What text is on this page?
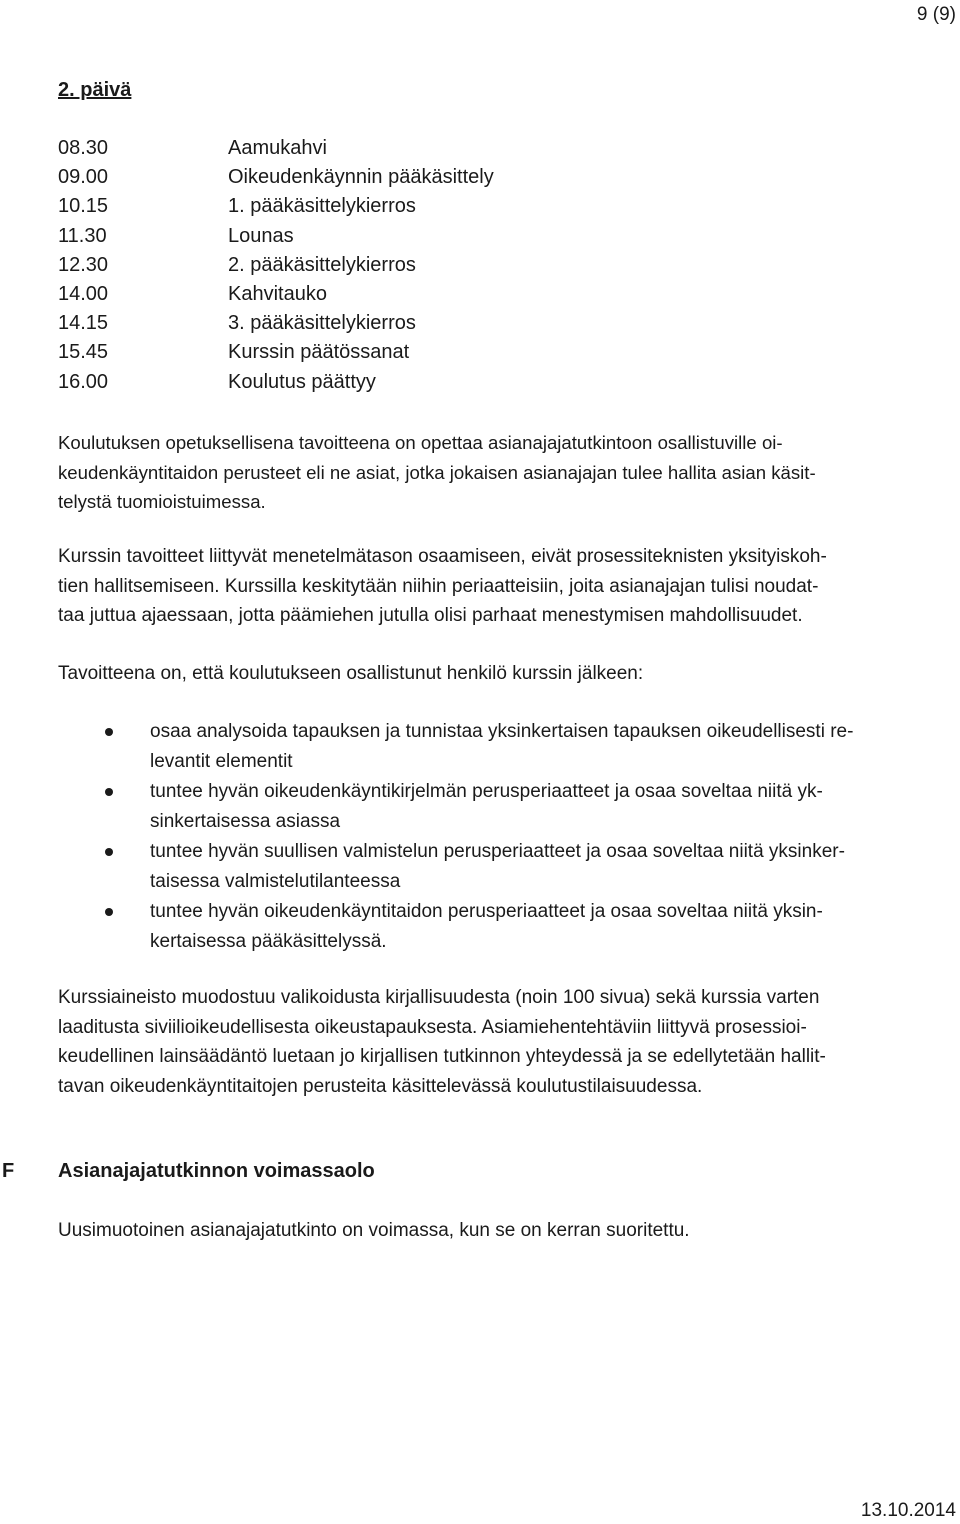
9 (9)
2. päivä
08.30	Aamukahvi
09.00	Oikeudenkäynnin pääkäsittely
10.15	1. pääkäsittelykierros
11.30	Lounas
12.30	2. pääkäsittelykierros
14.00	Kahvitauko
14.15	3. pääkäsittelykierros
15.45	Kurssin päätössanat
16.00	Koulutus päättyy

Koulutuksen opetuksellisena tavoitteena on opettaa asianajajatutkintoon osallistuville oi-
keudenkäyntitaidon perusteet eli ne asiat, jotka jokaisen asianajajan tulee hallita asian käsit-
telystä tuomioistuimessa.

Kurssin tavoitteet liittyvät menetelmätason osaamiseen, eivät prosessiteknisten yksityiskoh-
tien hallitsemiseen. Kurssilla keskitytään niihin periaatteisiin, joita asianajajan tulisi noudat-
taa juttua ajaessaan, jotta päämiehen jutulla olisi parhaat menestymisen mahdollisuudet.

Tavoitteena on, että koulutukseen osallistunut henkilö kurssin jälkeen:

osaa analysoida tapauksen ja tunnistaa yksinkertaisen tapauksen oikeudellisesti re-
levantit elementit
tuntee hyvän oikeudenkäyntikirjelmän perusperiaatteet ja osaa soveltaa niitä yk-
sinkertaisessa asiassa
tuntee hyvän suullisen valmistelun perusperiaatteet ja osaa soveltaa niitä yksinker-
taisessa valmistelutilanteessa
tuntee hyvän oikeudenkäyntitaidon perusperiaatteet ja osaa soveltaa niitä yksin-
kertaisessa pääkäsittelyssä.

Kurssiaineisto muodostuu valikoidusta kirjallisuudesta (noin 100 sivua) sekä kurssia varten
laaditusta siviilioikeudellisesta oikeustapauksesta. Asiamiehentehtäviin liittyvä prosessioi-
keudellinen lainsäädäntö luetaan jo kirjallisen tutkinnon yhteydessä ja se edellytetään hallit-
tavan oikeudenkäyntitaitojen perusteita käsittelevässä koulutustilaisuudessa.

F Asianajajatutkinnon voimassaolo

Uusimuotoinen asianajajatutkinto on voimassa, kun se on kerran suoritettu.

13.10.2014
